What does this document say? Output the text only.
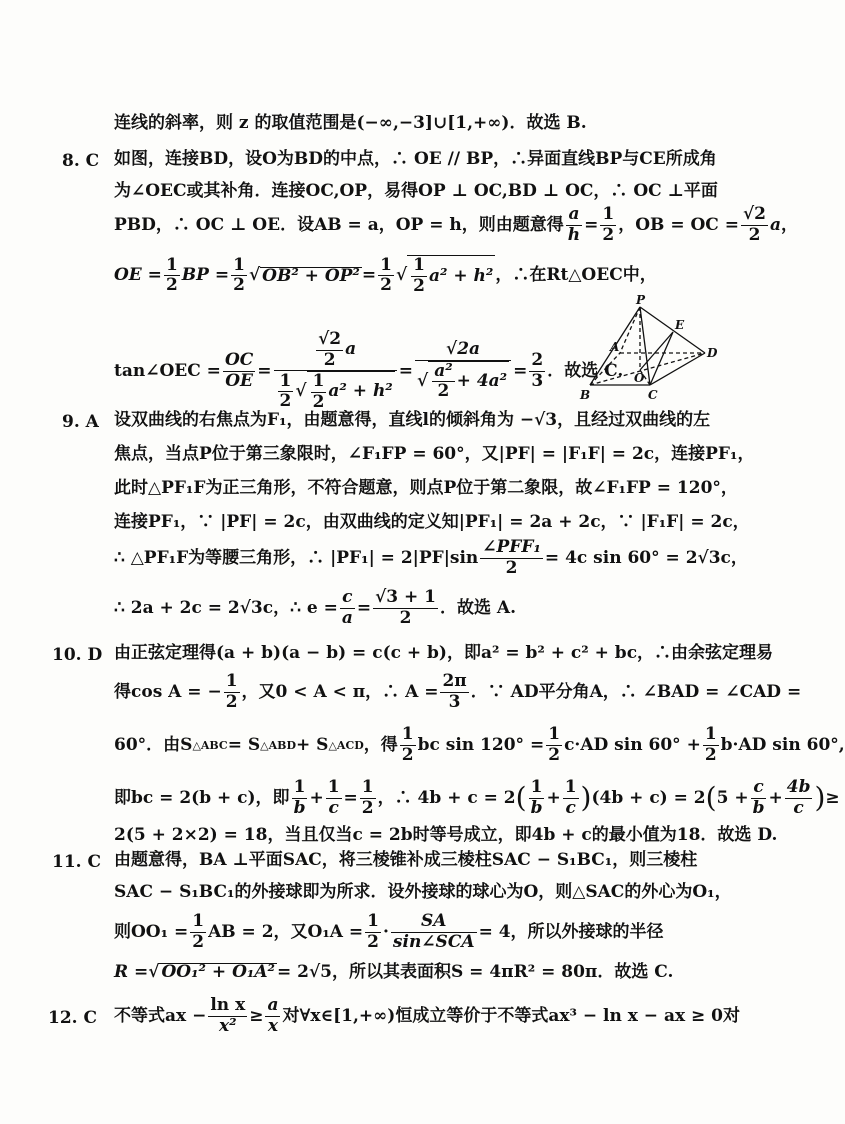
连线的斜率，则 z 的取值范围是(−∞,−3]∪[1,+∞)．故选 B.
8. C 如图，连接BD，设O为BD的中点，∴ OE // BP，∴异面直线BP与CE所成角
为∠OEC或其补角．连接OC,OP，易得OP ⊥ OC,BD ⊥ OC，∴ OC ⊥平面
PBD，∴ OC ⊥ OE．设AB = a，OP = h，则由题意得 $\frac{a}{h} = \frac{1}{2}$ ，OB = OC = $\frac{√2}{2}$ a ，
OE = $\frac{1}{2}$ BP = $\frac{1}{2}$ √ $OB^2 + OP^2 = \frac{1}{2}$ √ $\frac{1}{2} a^2 + h^2$ ，∴在Rt△OEC中，
tan∠OEC = $\frac{OC}{OE} = \frac{\frac{√2}{2} a}{\frac{1}{2} √ \frac{1}{2} a^2 + h^2} = \frac{√2a}{√ \frac{\text{a²}}{2} + 4a^2} = \frac{2}{3}$ ．故选 C.
P
E
A
O
D
B	C
9. A 设双曲线的右焦点为F₁，由题意得，直线l的倾斜角为 −√3，且经过双曲线的左
焦点，当点P位于第三象限时，∠F₁FP = 60°，又|PF| = |F₁F| = 2c，连接PF₁，
此时△PF₁F为正三角形，不符合题意，则点P位于第二象限，故∠F₁FP = 120°，
连接PF₁，∵ |PF| = 2c，由双曲线的定义知|PF₁| = 2a + 2c，∵ |F₁F| = 2c，
∴ △PF₁F为等腰三角形，∴ $|PF_1| = 2|PF|\sin \frac{\text{∠PFF₁}}{2} = 4c$ sin 60° = 2√3c，
∴ 2a + 2c = 2√3c，∴ $e = \frac{c}{a} = \frac{√3 + 1}{2}$ ．故选 A.
10. D 由正弦定理得(a + b)(a − b) = c(c + b)，即a² = b² + c² + bc，∴由余弦定理易
得cos A = − $\frac{1}{2}$ ，又0 < A < π，∴ $A = \frac{2\pi}{3}$ ．∵ AD平分角A，∴ ∠BAD = ∠CAD =
60°．由S △ABC = S △ABD + S △ACD ，得 $\frac{1}{2}$ bc $\sin 120^\circ = \frac{1}{2} c\cdot AD$ $\sin 60^\circ + \frac{1}{2} b\cdot AD$ sin 60°,
即bc = 2(b + c)，即 $\frac{1}{b} + \frac{1}{c} = \frac{1}{2}$ ，∴ 4b + c = 2 ( $\frac{1}{b} + \frac{1}{c}$ ) (4b + c) = 2 ( $5 + \frac{c}{b} + \frac{4b}{c}$ ) ≥
2(5 + 2×2) = 18，当且仅当c = 2b时等号成立，即4b + c的最小值为18．故选 D.
11. C 由题意得，BA ⊥平面SAC，将三棱锥补成三棱柱SAC − S₁BC₁，则三棱柱
SAC − S₁BC₁的外接球即为所求．设外接球的球心为O，则△SAC的外心为O₁，
则$OO_1 = \frac{1}{2}$ AB = 2，又$O_1A = \frac{1}{2} \cdot \frac{SA}{\text{sin∠SCA}} = 4$，所以外接球的半径
R = √ OO₁² + O₁A² = 2√5，所以其表面积S = 4πR² = 80π．故选 C.
12. C 不等式ax − $\frac{\text{ln x}}{\text{x²}} \ge \frac{a}{x}$ 对∀x∈[1,+∞)恒成立等价于不等式ax³ − ln x − ax ≥ 0对
